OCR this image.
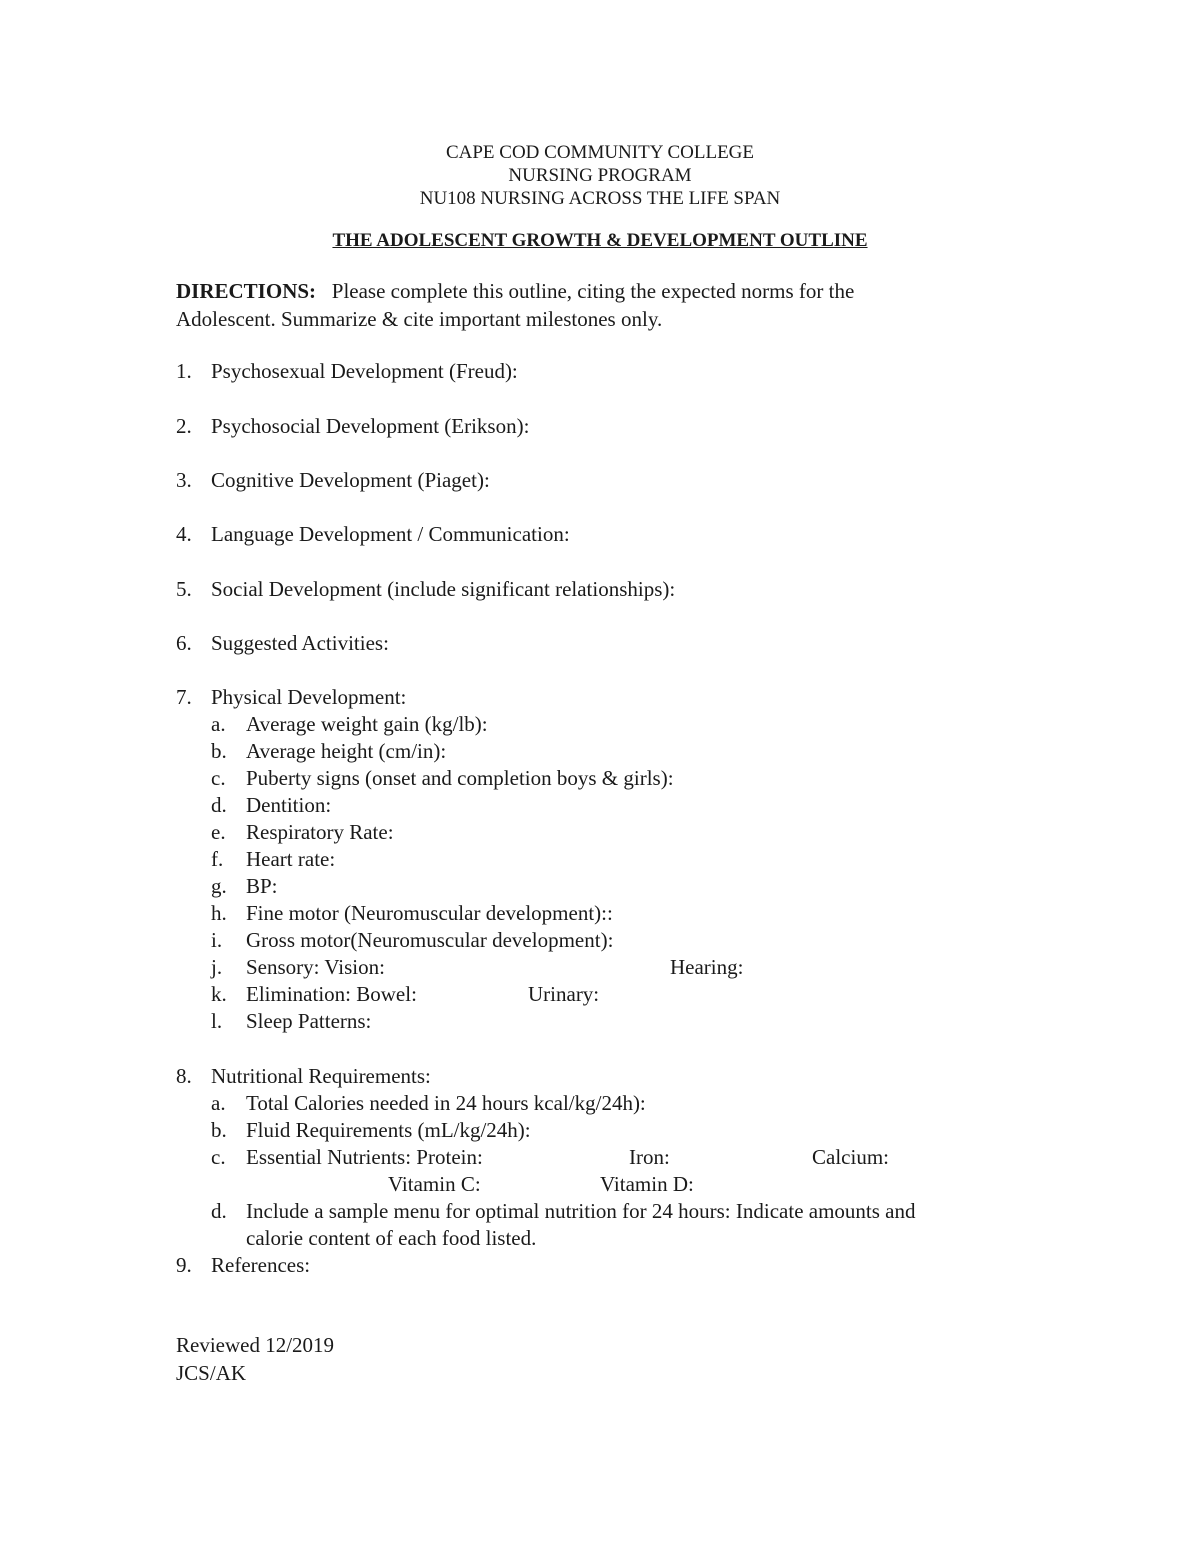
CAPE COD COMMUNITY COLLEGE
NURSING PROGRAM
NU108 NURSING ACROSS THE LIFE SPAN
THE ADOLESCENT GROWTH & DEVELOPMENT OUTLINE
DIRECTIONS: Please complete this outline, citing the expected norms for the
Adolescent. Summarize & cite important milestones only.
1. Psychosexual Development (Freud):
2. Psychosocial Development (Erikson):
3. Cognitive Development (Piaget):
4. Language Development / Communication:
5. Social Development (include significant relationships):
6. Suggested Activities:
7. Physical Development:
a. Average weight gain (kg/lb):
b. Average height (cm/in):
c. Puberty signs (onset and completion boys & girls):
d. Dentition:
e. Respiratory Rate:
f. Heart rate:
g. BP:
h. Fine motor (Neuromuscular development)::
i. Gross motor(Neuromuscular development):
j. Sensory: Vision:	Hearing:
k. Elimination: Bowel:	Urinary:
l. Sleep Patterns:
8. Nutritional Requirements:
a. Total Calories needed in 24 hours kcal/kg/24h):
b. Fluid Requirements (mL/kg/24h):
c. Essential Nutrients: Protein:	Iron:	Calcium:
Vitamin C:	Vitamin D:
d. Include a sample menu for optimal nutrition for 24 hours: Indicate amounts and
calorie content of each food listed.
9. References:
Reviewed 12/2019
JCS/AK
